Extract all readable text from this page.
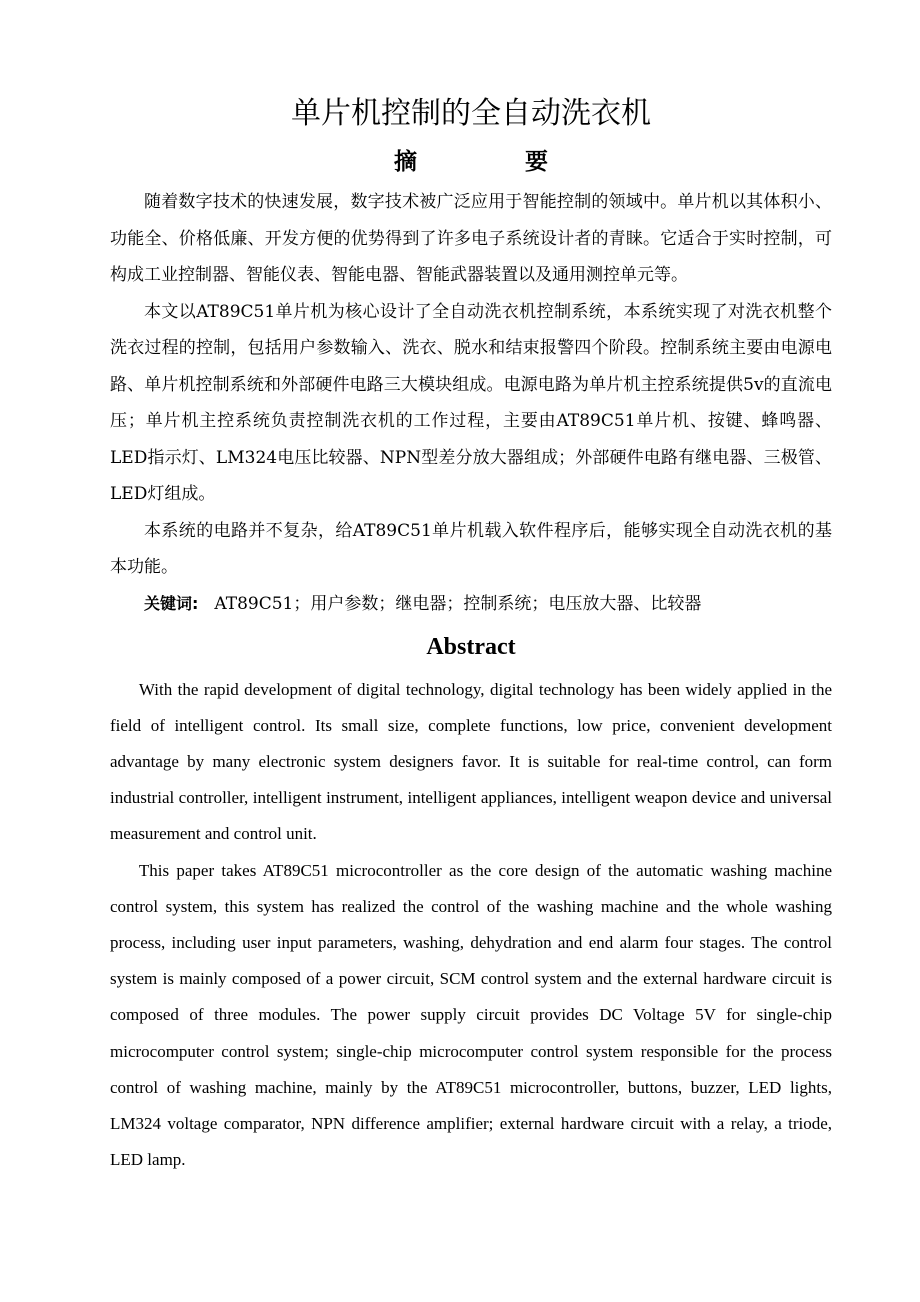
单片机控制的全自动洗衣机
摘 要

随着数字技术的快速发展，数字技术被广泛应用于智能控制的领域中。单片机以其体积小、功能全、价格低廉、开发方便的优势得到了许多电子系统设计者的青睐。它适合于实时控制，可构成工业控制器、智能仪表、智能电器、智能武器装置以及通用测控单元等。

本文以AT89C51单片机为核心设计了全自动洗衣机控制系统，本系统实现了对洗衣机整个洗衣过程的控制，包括用户参数输入、洗衣、脱水和结束报警四个阶段。控制系统主要由电源电路、单片机控制系统和外部硬件电路三大模块组成。电源电路为单片机主控系统提供5v的直流电压；单片机主控系统负责控制洗衣机的工作过程，主要由AT89C51单片机、按键、蜂鸣器、LED指示灯、LM324电压比较器、NPN型差分放大器组成；外部硬件电路有继电器、三极管、LED灯组成。

本系统的电路并不复杂，给AT89C51单片机载入软件程序后，能够实现全自动洗衣机的基本功能。

关键词: AT89C51；用户参数；继电器；控制系统；电压放大器、比较器

Abstract

With the rapid development of digital technology, digital technology has been widely applied in the field of intelligent control. Its small size, complete functions, low price, convenient development advantage by many electronic system designers favor. It is suitable for real-time control, can form industrial controller, intelligent instrument, intelligent appliances, intelligent weapon device and universal measurement and control unit.

This paper takes AT89C51 microcontroller as the core design of the automatic washing machine control system, this system has realized the control of the washing machine and the whole washing process, including user input parameters, washing, dehydration and end alarm four stages. The control system is mainly composed of a power circuit, SCM control system and the external hardware circuit is composed of three modules. The power supply circuit provides DC Voltage 5V for single-chip microcomputer control system; single-chip microcomputer control system responsible for the process control of washing machine, mainly by the AT89C51 microcontroller, buttons, buzzer, LED lights, LM324 voltage comparator, NPN difference amplifier; external hardware circuit with a relay, a triode, LED lamp.
